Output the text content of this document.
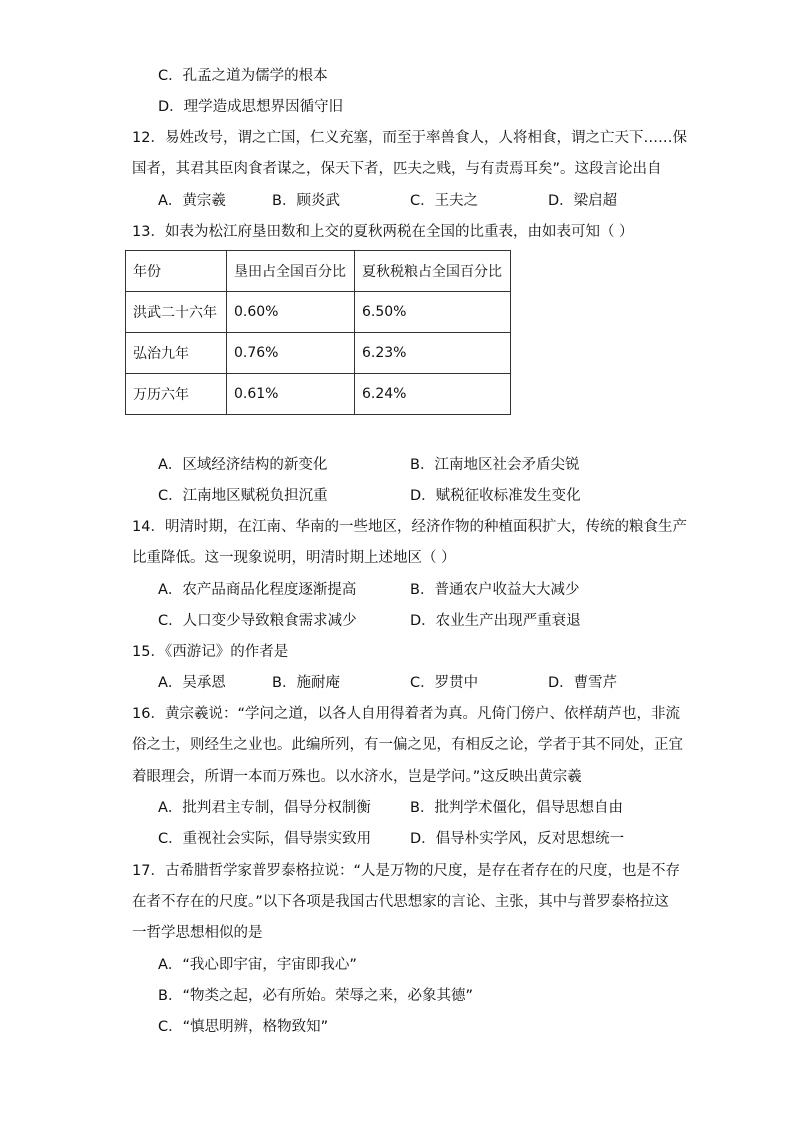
C．孔孟之道为儒学的根本
D．理学造成思想界因循守旧
12．易姓改号，谓之亡国，仁义充塞，而至于率兽食人，人将相食，谓之亡天下……保
国者，其君其臣肉食者谋之，保天下者，匹夫之贱，与有责焉耳矣”。这段言论出自
A．黄宗羲	B．顾炎武	C．王夫之	D．梁启超
13．如表为松江府垦田数和上交的夏秋两税在全国的比重表，由如表可知（ ）
年份	垦田占全国百分比	夏秋税粮占全国百分比
洪武二十六年	0.60%	6.50%
弘治九年	0.76%	6.23%
万历六年	0.61%	6.24%
A．区域经济结构的新变化	B．江南地区社会矛盾尖锐
C．江南地区赋税负担沉重	D．赋税征收标准发生变化
14．明清时期，在江南、华南的一些地区，经济作物的种植面积扩大，传统的粮食生产
比重降低。这一现象说明，明清时期上述地区（ ）
A．农产品商品化程度逐渐提高	B．普通农户收益大大减少
C．人口变少导致粮食需求减少	D．农业生产出现严重衰退
15．《西游记》的作者是
A．吴承恩	B．施耐庵	C．罗贯中	D．曹雪芹
16．黄宗羲说：“学问之道，以各人自用得着者为真。凡倚门傍户、依样葫芦也，非流
俗之士，则经生之业也。此编所列，有一偏之见，有相反之论，学者于其不同处，正宜
着眼理会，所谓一本而万殊也。以水济水，岂是学问。”这反映出黄宗羲
A．批判君主专制，倡导分权制衡	B．批判学术僵化，倡导思想自由
C．重视社会实际，倡导崇实致用	D．倡导朴实学风，反对思想统一
17．古希腊哲学家普罗泰格拉说：“人是万物的尺度，是存在者存在的尺度，也是不存
在者不存在的尺度。”以下各项是我国古代思想家的言论、主张，其中与普罗泰格拉这
一哲学思想相似的是
A．“我心即宇宙，宇宙即我心”
B．“物类之起，必有所始。荣辱之来，必象其德”
C．“慎思明辨，格物致知”
